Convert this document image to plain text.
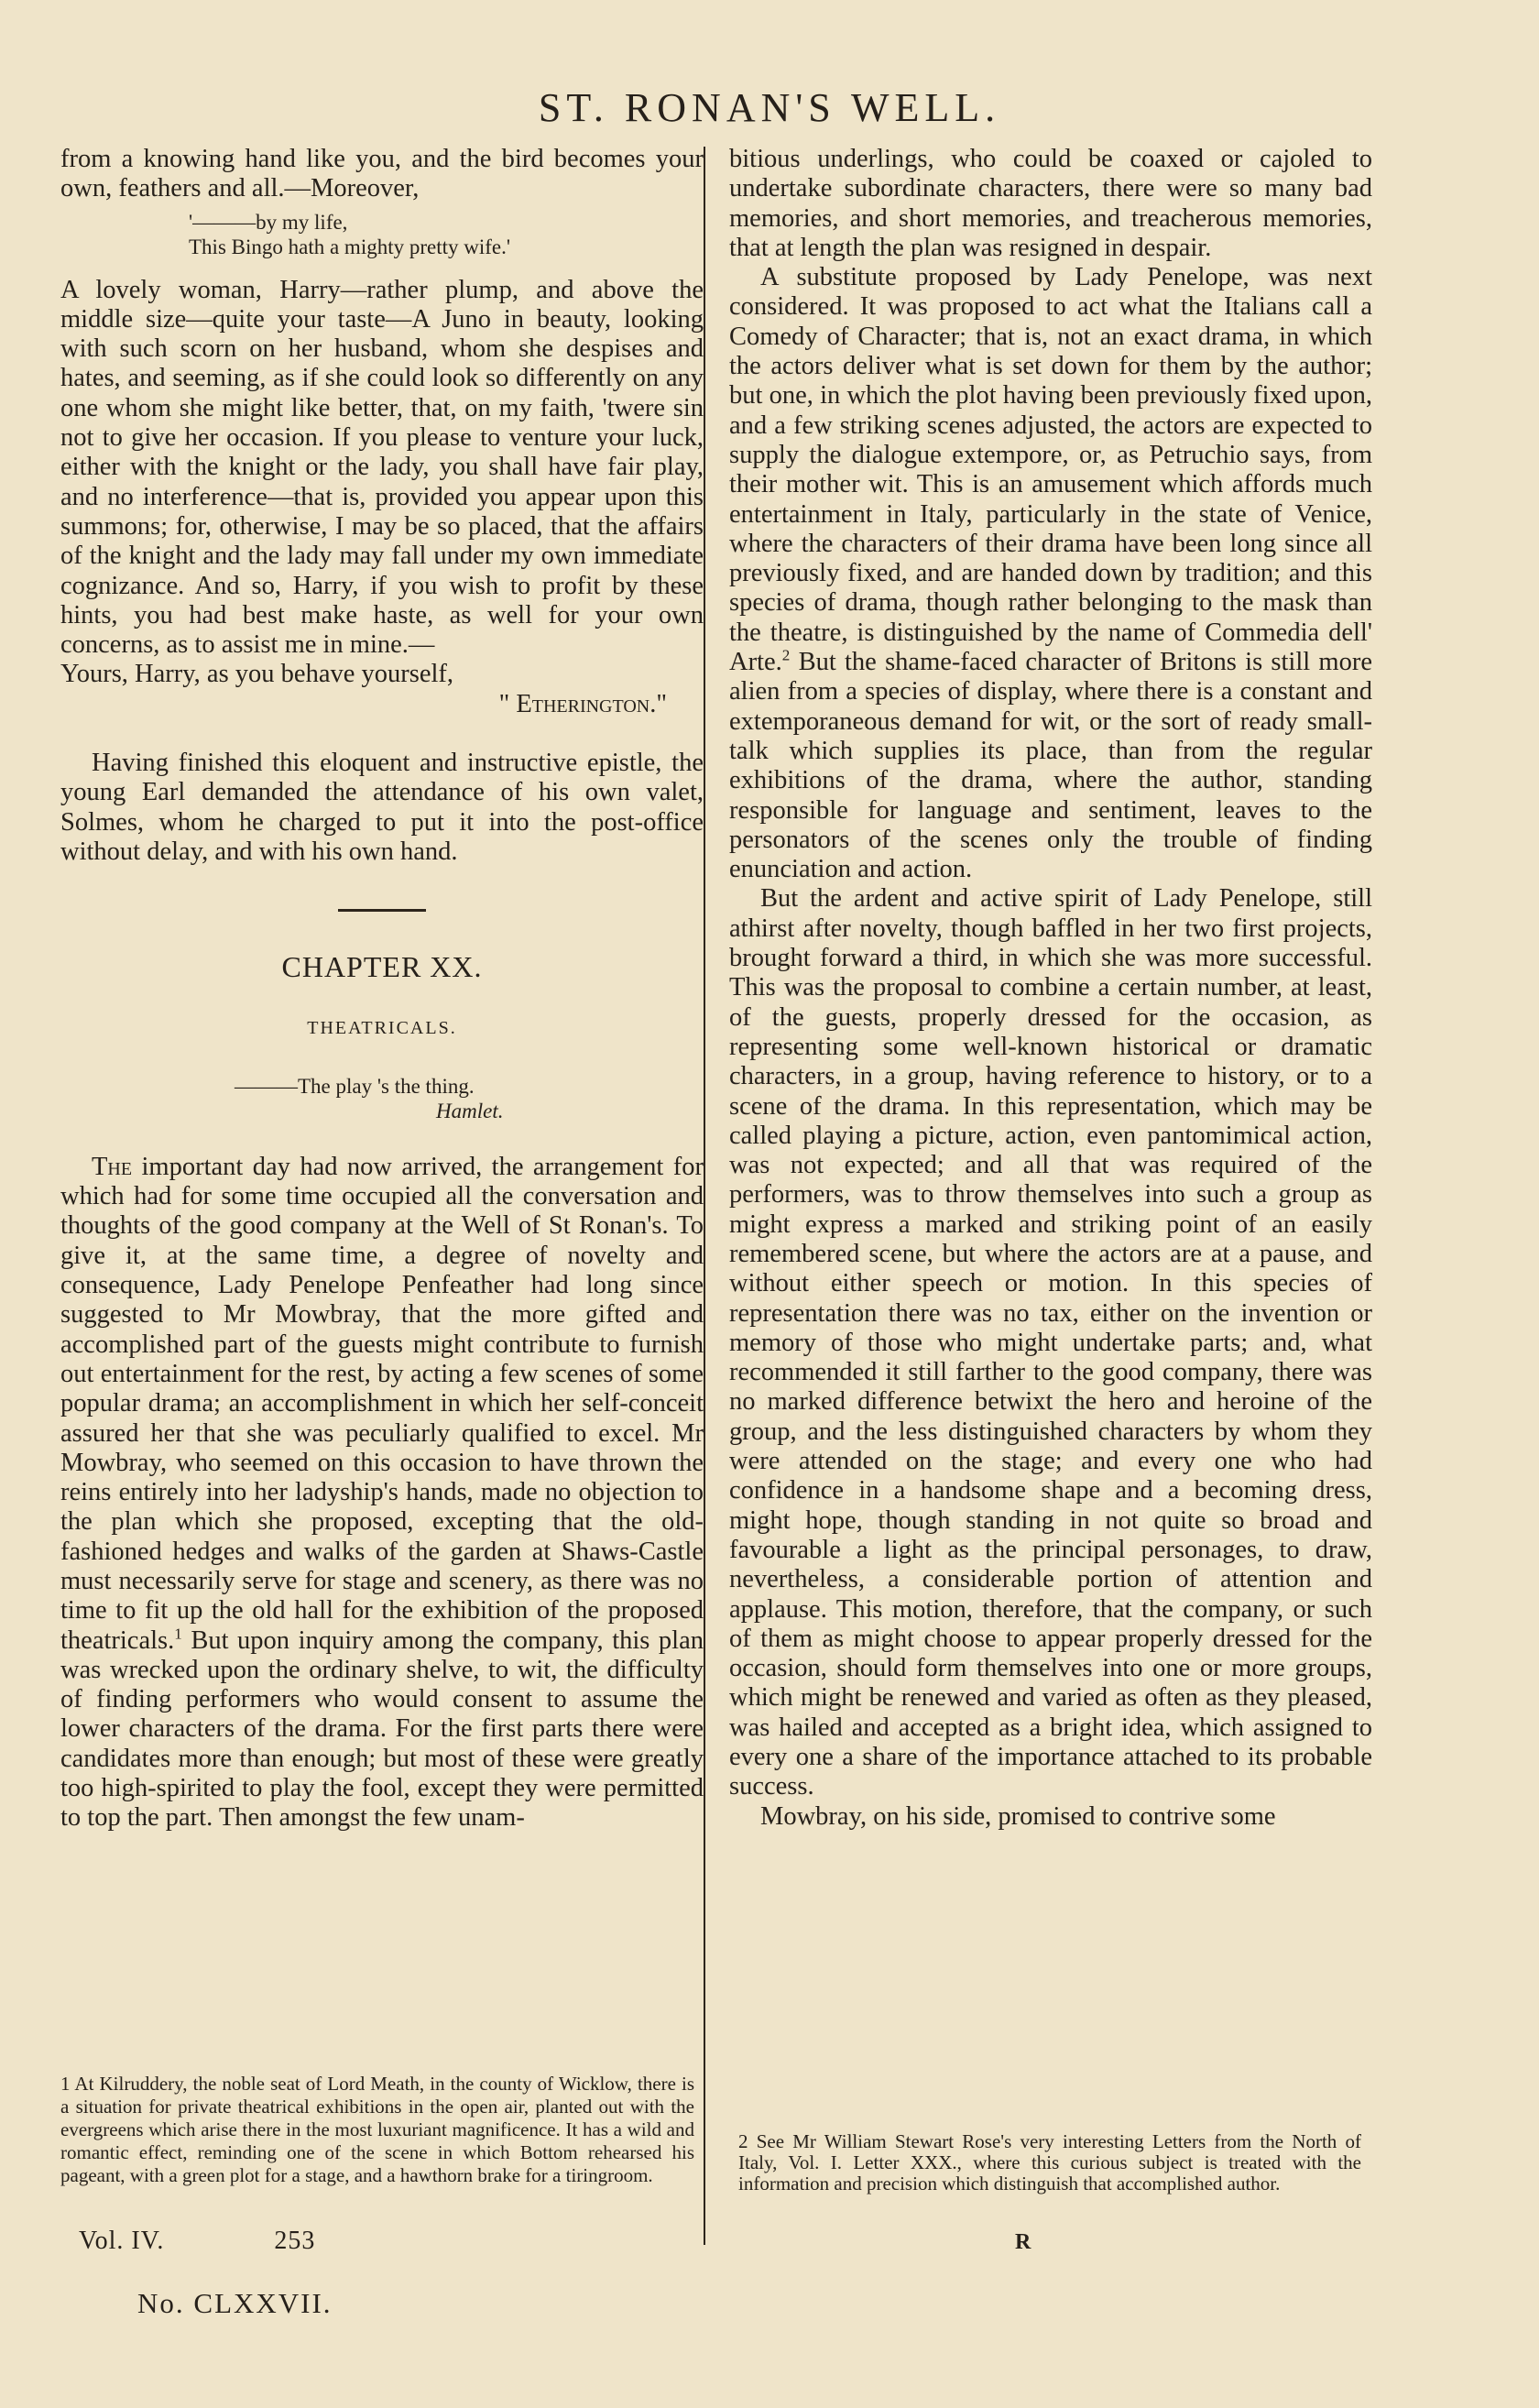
ST. RONAN'S WELL.

from a knowing hand like you, and the bird becomes your own, feathers and all.—Moreover,

'———by my life,
This Bingo hath a mighty pretty wife.'

A lovely woman, Harry—rather plump, and above the middle size—quite your taste—A Juno in beauty, looking with such scorn on her husband, whom she despises and hates, and seeming, as if she could look so differently on any one whom she might like better, that, on my faith, 'twere sin not to give her occasion. If you please to venture your luck, either with the knight or the lady, you shall have fair play, and no interference—that is, provided you appear upon this summons; for, otherwise, I may be so placed, that the affairs of the knight and the lady may fall under my own immediate cognizance. And so, Harry, if you wish to profit by these hints, you had best make haste, as well for your own concerns, as to assist me in mine.—

Yours, Harry, as you behave yourself,

" Etherington."

Having finished this eloquent and instructive epistle, the young Earl demanded the attendance of his own valet, Solmes, whom he charged to put it into the post-office without delay, and with his own hand.

CHAPTER XX.
THEATRICALS.
———The play 's the thing.
Hamlet.

The important day had now arrived, the arrangement for which had for some time occupied all the conversation and thoughts of the good company at the Well of St Ronan's. To give it, at the same time, a degree of novelty and consequence, Lady Penelope Penfeather had long since suggested to Mr Mowbray, that the more gifted and accomplished part of the guests might contribute to furnish out entertainment for the rest, by acting a few scenes of some popular drama; an accomplishment in which her self-conceit assured her that she was peculiarly qualified to excel. Mr Mowbray, who seemed on this occasion to have thrown the reins entirely into her ladyship's hands, made no objection to the plan which she proposed, excepting that the old-fashioned hedges and walks of the garden at Shaws-Castle must necessarily serve for stage and scenery, as there was no time to fit up the old hall for the exhibition of the proposed theatricals.$^1$ But upon inquiry among the company, this plan was wrecked upon the ordinary shelve, to wit, the difficulty of finding performers who would consent to assume the lower characters of the drama. For the first parts there were candidates more than enough; but most of these were greatly too high-spirited to play the fool, except they were permitted to top the part. Then amongst the few unam-

bitious underlings, who could be coaxed or cajoled to undertake subordinate characters, there were so many bad memories, and short memories, and treacherous memories, that at length the plan was resigned in despair.

A substitute proposed by Lady Penelope, was next considered. It was proposed to act what the Italians call a Comedy of Character; that is, not an exact drama, in which the actors deliver what is set down for them by the author; but one, in which the plot having been previously fixed upon, and a few striking scenes adjusted, the actors are expected to supply the dialogue extempore, or, as Petruchio says, from their mother wit. This is an amusement which affords much entertainment in Italy, particularly in the state of Venice, where the characters of their drama have been long since all previously fixed, and are handed down by tradition; and this species of drama, though rather belonging to the mask than the theatre, is distinguished by the name of Commedia dell' Arte.$^2$ But the shame-faced character of Britons is still more alien from a species of display, where there is a constant and extemporaneous demand for wit, or the sort of ready small-talk which supplies its place, than from the regular exhibitions of the drama, where the author, standing responsible for language and sentiment, leaves to the personators of the scenes only the trouble of finding enunciation and action.

But the ardent and active spirit of Lady Penelope, still athirst after novelty, though baffled in her two first projects, brought forward a third, in which she was more successful. This was the proposal to combine a certain number, at least, of the guests, properly dressed for the occasion, as representing some well-known historical or dramatic characters, in a group, having reference to history, or to a scene of the drama. In this representation, which may be called playing a picture, action, even pantomimical action, was not expected; and all that was required of the performers, was to throw themselves into such a group as might express a marked and striking point of an easily remembered scene, but where the actors are at a pause, and without either speech or motion. In this species of representation there was no tax, either on the invention or memory of those who might undertake parts; and, what recommended it still farther to the good company, there was no marked difference betwixt the hero and heroine of the group, and the less distinguished characters by whom they were attended on the stage; and every one who had confidence in a handsome shape and a becoming dress, might hope, though standing in not quite so broad and favourable a light as the principal personages, to draw, nevertheless, a considerable portion of attention and applause. This motion, therefore, that the company, or such of them as might choose to appear properly dressed for the occasion, should form themselves into one or more groups, which might be renewed and varied as often as they pleased, was hailed and accepted as a bright idea, which assigned to every one a share of the importance attached to its probable success.

Mowbray, on his side, promised to contrive some

1 At Kilruddery, the noble seat of Lord Meath, in the county of Wicklow, there is a situation for private theatrical exhibitions in the open air, planted out with the evergreens which arise there in the most luxuriant magnificence. It has a wild and romantic effect, reminding one of the scene in which Bottom rehearsed his pageant, with a green plot for a stage, and a hawthorn brake for a tiringroom.
2 See Mr William Stewart Rose's very interesting Letters from the North of Italy, Vol. I. Letter XXX., where this curious subject is treated with the information and precision which distinguish that accomplished author.
Vol. IV.	253	R
No. CLXXVII.
